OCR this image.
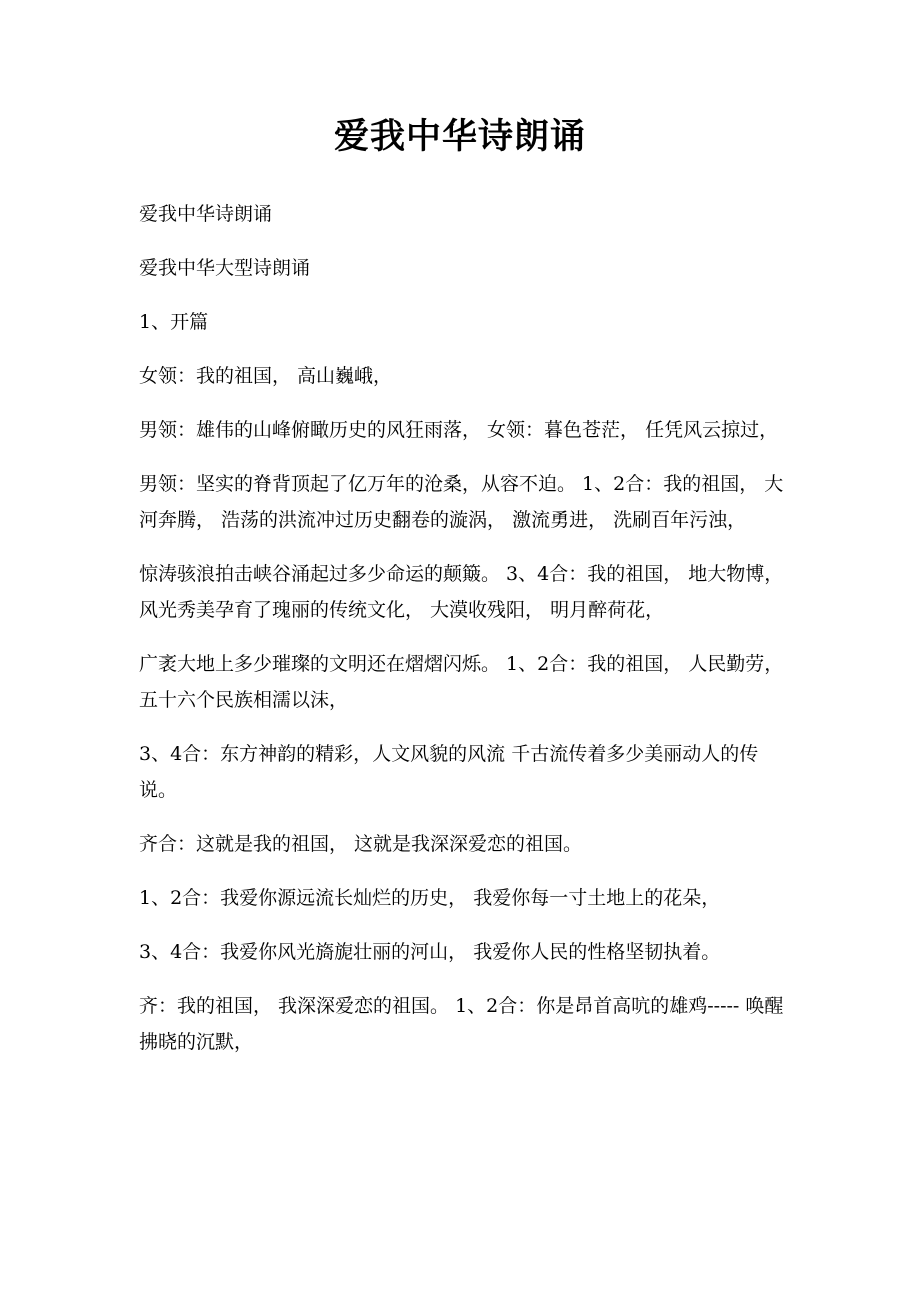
爱我中华诗朗诵

爱我中华诗朗诵

爱我中华大型诗朗诵

1、开篇

女领：我的祖国， 高山巍峨，

男领：雄伟的山峰俯瞰历史的风狂雨落， 女领：暮色苍茫， 任凭风云掠过，

男领：坚实的脊背顶起了亿万年的沧桑，从容不迫。 1、2合：我的祖国， 大河奔腾， 浩荡的洪流冲过历史翻卷的漩涡， 激流勇进， 洗刷百年污浊，

惊涛骇浪拍击峡谷涌起过多少命运的颠簸。 3、4合：我的祖国， 地大物博， 风光秀美孕育了瑰丽的传统文化， 大漠收残阳， 明月醉荷花，

广袤大地上多少璀璨的文明还在熠熠闪烁。 1、2合：我的祖国， 人民勤劳， 五十六个民族相濡以沫，

3、4合：东方神韵的精彩，人文风貌的风流 千古流传着多少美丽动人的传说。

齐合：这就是我的祖国， 这就是我深深爱恋的祖国。

1、2合：我爱你源远流长灿烂的历史， 我爱你每一寸土地上的花朵，

3、4合：我爱你风光旖旎壮丽的河山， 我爱你人民的性格坚韧执着。

齐：我的祖国， 我深深爱恋的祖国。 1、2合：你是昂首高吭的雄鸡----- 唤醒拂晓的沉默，
